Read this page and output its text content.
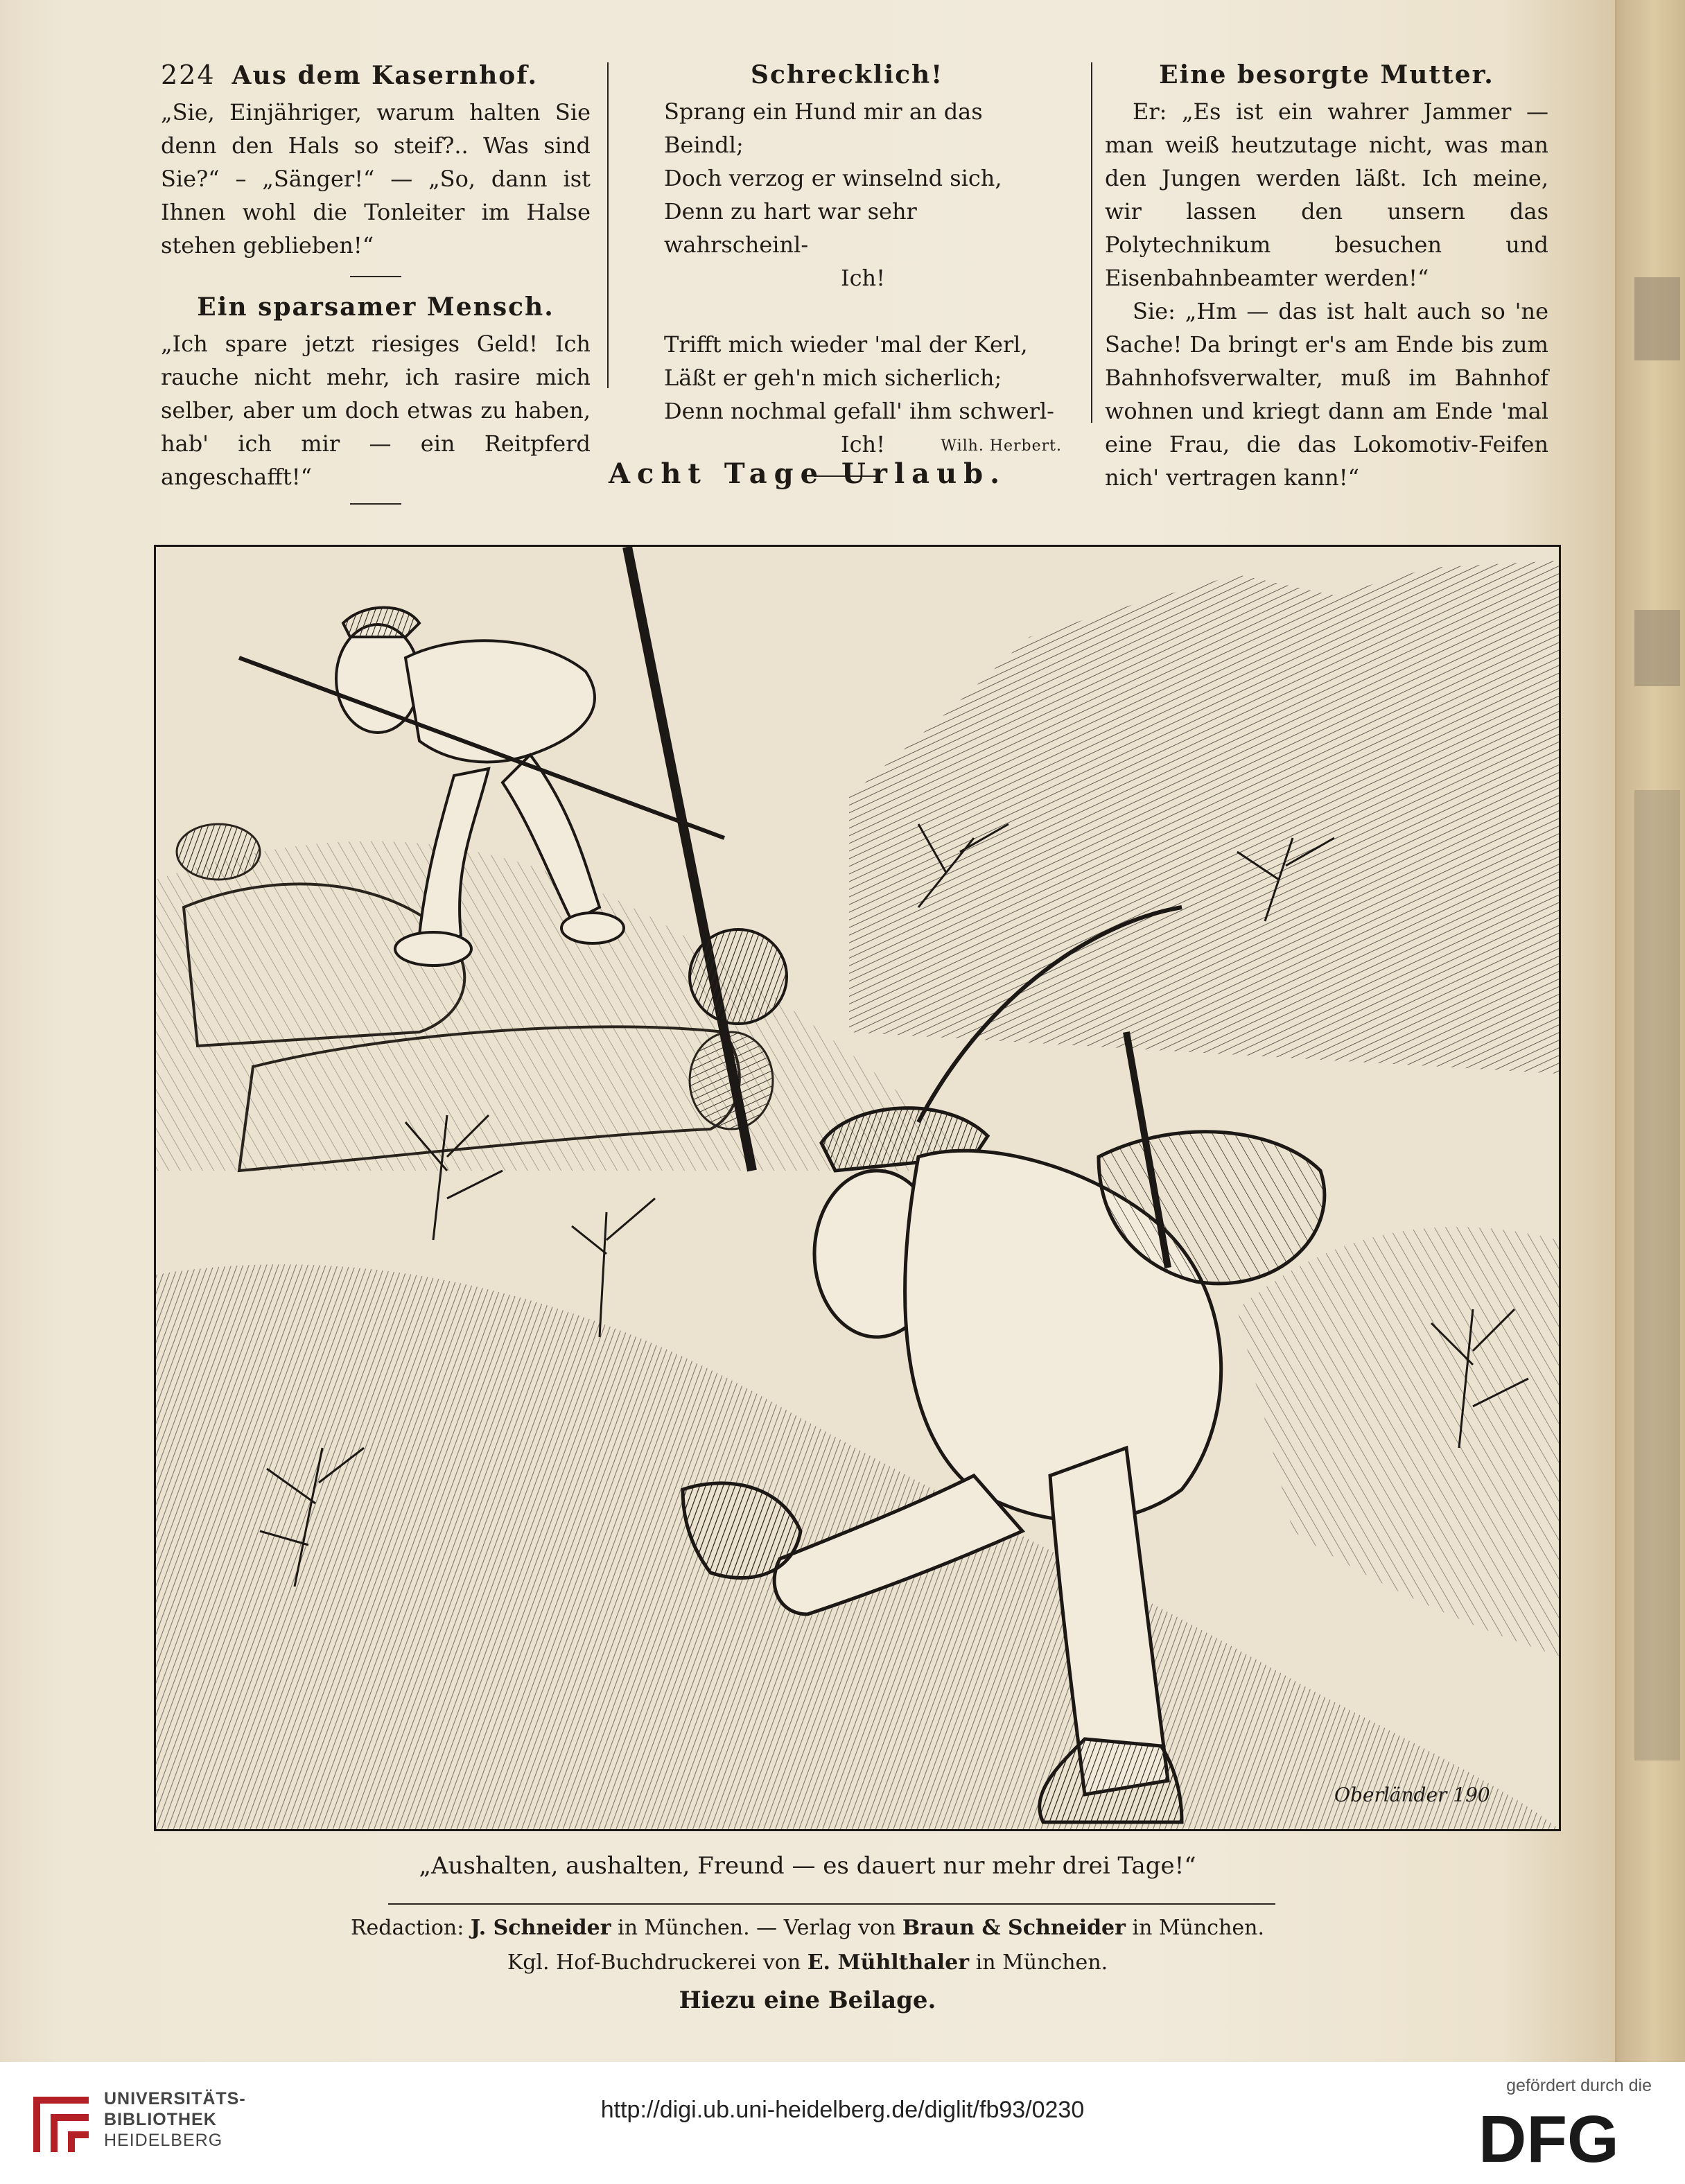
224 Aus dem Kasernhof.

„Sie, Einjähriger, warum halten Sie denn den Hals so steif?.. Was sind Sie?“ – „Sänger!“ — „So, dann ist Ihnen wohl die Tonleiter im Halse stehen geblieben!“

Ein sparsamer Mensch.

„Ich spare jetzt riesiges Geld! Ich rauche nicht mehr, ich rasire mich selber, aber um doch etwas zu haben, hab' ich mir — ein Reitpferd angeschafft!“

Schrecklich!

Sprang ein Hund mir an das Beindl;

Doch verzog er winselnd sich,

Denn zu hart war sehr wahrscheinl-

Ich!

Trifft mich wieder 'mal der Kerl,

Läßt er geh'n mich sicherlich;

Denn nochmal gefall' ihm schwerl-

Ich!	Wilh. Herbert.

Eine besorgte Mutter.

Er: „Es ist ein wahrer Jammer — man weiß heutzutage nicht, was man den Jungen werden läßt. Ich meine, wir lassen den unsern das Polytechnikum besuchen und Eisenbahnbeamter werden!“

Sie: „Hm — das ist halt auch so 'ne Sache! Da bringt er's am Ende bis zum Bahnhofsverwalter, muß im Bahnhof wohnen und kriegt dann am Ende 'mal eine Frau, die das Lokomotiv-Feifen nich' vertragen kann!“

Acht Tage Urlaub.

Oberländer 190

„Aushalten, aushalten, Freund — es dauert nur mehr drei Tage!“

Redaction: J. Schneider in München. — Verlag von Braun & Schneider in München.

Kgl. Hof-Buchdruckerei von E. Mühlthaler in München.

Hiezu eine Beilage.

UNIVERSITÄTS-
BIBLIOTHEK
HEIDELBERG
http://digi.ub.uni-heidelberg.de/diglit/fb93/0230
gefördert durch die
DFG
